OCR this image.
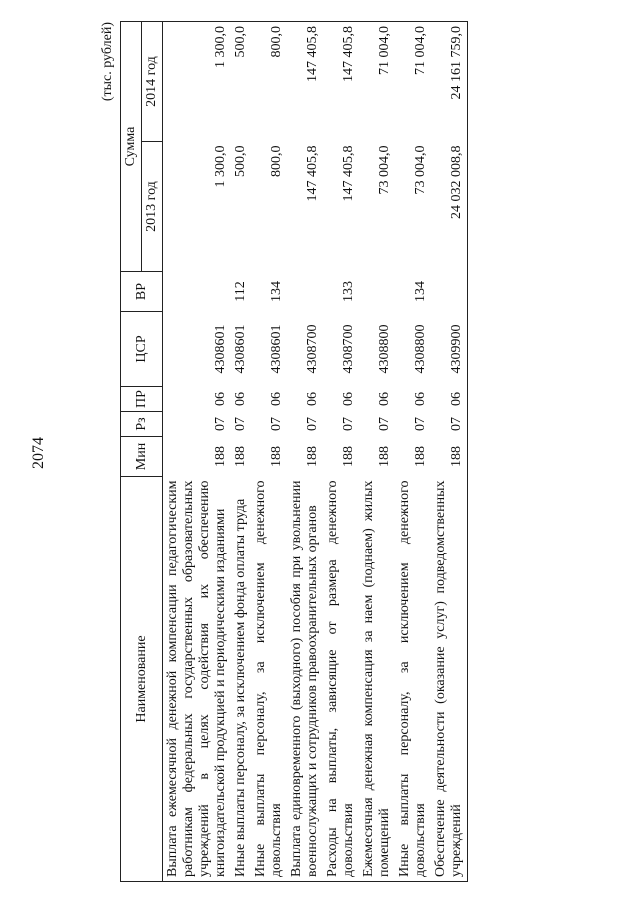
2074
(тыс. рублей)
Наименование	Мин	Рз	ПР	ЦСР	ВР	Сумма	
						2013 год	2014 год
Выплата ежемесячной денежной компенсации педагогическим работникам федеральных государственных образовательных учреждений в целях содействия их обеспечению книгоиздательской продукцией и периодическими изданиями	188	07	06	4308601		1 300,0	1 300,0
Иные выплаты персоналу, за исключением фонда оплаты труда	188	07	06	4308601	112	500,0	500,0
Иные выплаты персоналу, за исключением денежного довольствия	188	07	06	4308601	134	800,0	800,0
Выплата единовременного (выходного) пособия при увольнении военнослужащих и сотрудников правоохранительных органов	188	07	06	4308700		147 405,8	147 405,8
Расходы на выплаты, зависящие от размера денежного довольствия	188	07	06	4308700	133	147 405,8	147 405,8
Ежемесячная денежная компенсация за наем (поднаем) жилых помещений	188	07	06	4308800		73 004,0	71 004,0
Иные выплаты персоналу, за исключением денежного довольствия	188	07	06	4308800	134	73 004,0	71 004,0
Обеспечение деятельности (оказание услуг) подведомственных учреждений	188	07	06	4309900		24 032 008,8	24 161 759,0
